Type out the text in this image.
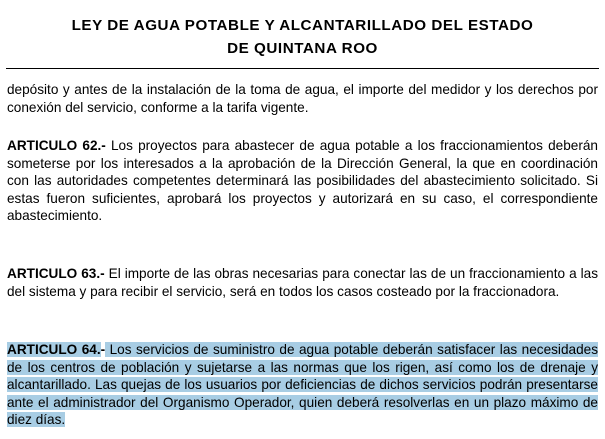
LEY DE AGUA POTABLE Y ALCANTARILLADO DEL ESTADO
DE QUINTANA ROO

depósito y antes de la instalación de la toma de agua, el importe del medidor y los derechos por conexión del servicio, conforme a la tarifa vigente.

ARTICULO 62.- Los proyectos para abastecer de agua potable a los fraccionamientos deberán someterse por los interesados a la aprobación de la Dirección General, la que en coordinación con las autoridades competentes determinará las posibilidades del abastecimiento solicitado. Si estas fueron suficientes, aprobará los proyectos y autorizará en su caso, el correspondiente abastecimiento.

ARTICULO 63.- El importe de las obras necesarias para conectar las de un fraccionamiento a las del sistema y para recibir el servicio, será en todos los casos costeado por la fraccionadora.

ARTICULO 64.- Los servicios de suministro de agua potable deberán satisfacer las necesidades de los centros de población y sujetarse a las normas que los rigen, así como los de drenaje y alcantarillado. Las quejas de los usuarios por deficiencias de dichos servicios podrán presentarse ante el administrador del Organismo Operador, quien deberá resolverlas en un plazo máximo de diez días.
